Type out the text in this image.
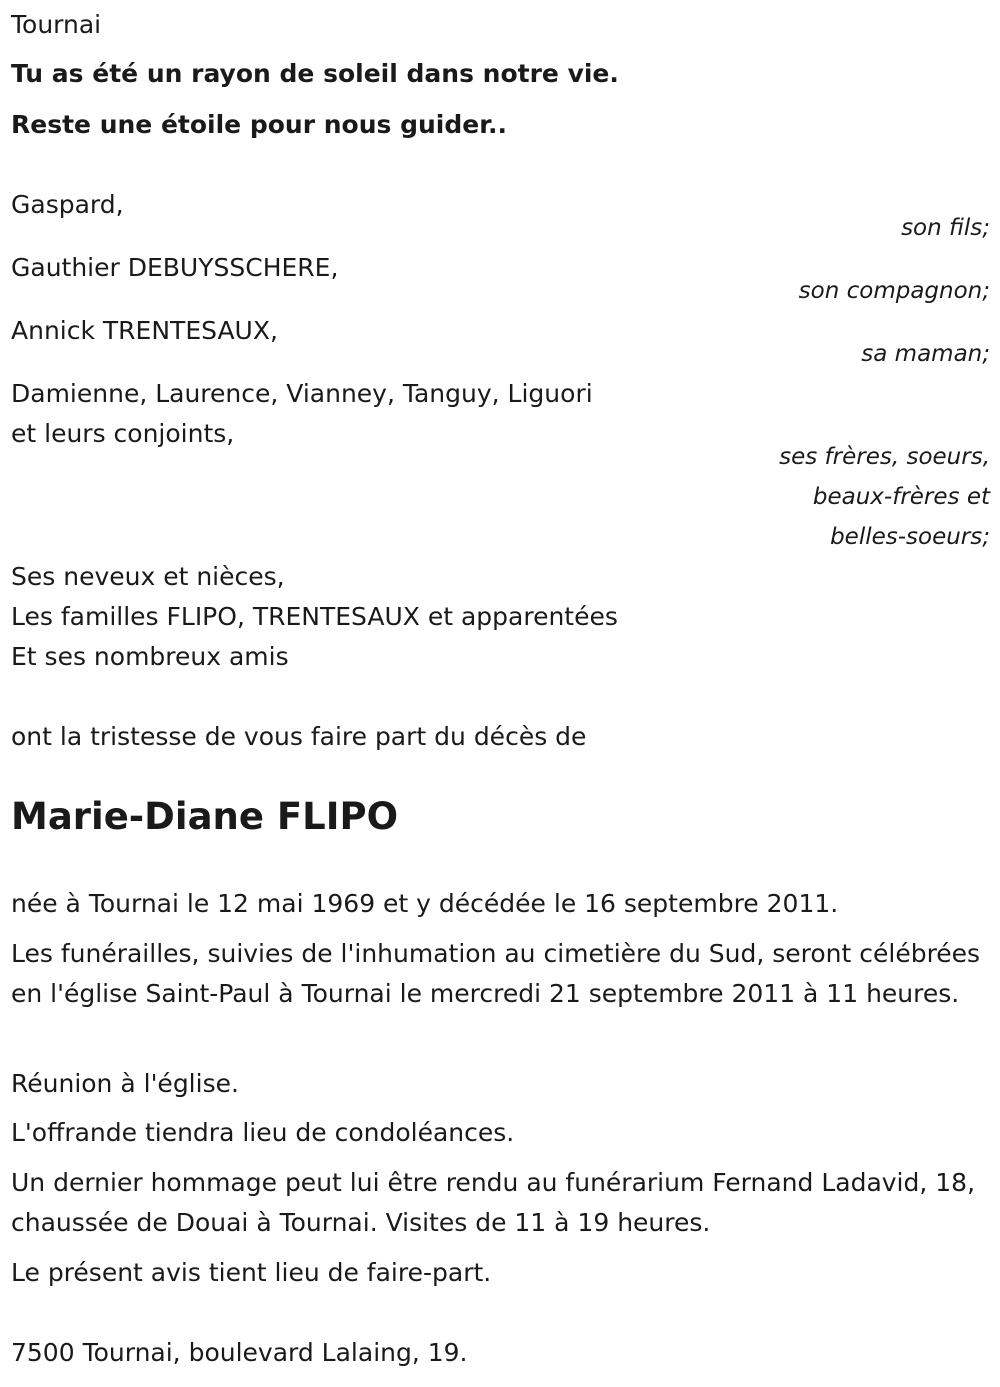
Tournai
Tu as été un rayon de soleil dans notre vie.
Reste une étoile pour nous guider..
Gaspard,
son fils;
Gauthier DEBUYSSCHERE,
son compagnon;
Annick TRENTESAUX,
sa maman;
Damienne, Laurence, Vianney, Tanguy, Liguori
et leurs conjoints,
ses frères, soeurs,
beaux-frères et
belles-soeurs;
Ses neveux et nièces,
Les familles FLIPO, TRENTESAUX et apparentées
Et ses nombreux amis
ont la tristesse de vous faire part du décès de
Marie-Diane FLIPO
née à Tournai le 12 mai 1969 et y décédée le 16 septembre 2011.
Les funérailles, suivies de l'inhumation au cimetière du Sud, seront célébrées en l'église Saint-Paul à Tournai le mercredi 21 septembre 2011 à 11 heures.
Réunion à l'église.
L'offrande tiendra lieu de condoléances.
Un dernier hommage peut lui être rendu au funérarium Fernand Ladavid, 18, chaussée de Douai à Tournai. Visites de 11 à 19 heures.
Le présent avis tient lieu de faire-part.
7500 Tournai, boulevard Lalaing, 19.
